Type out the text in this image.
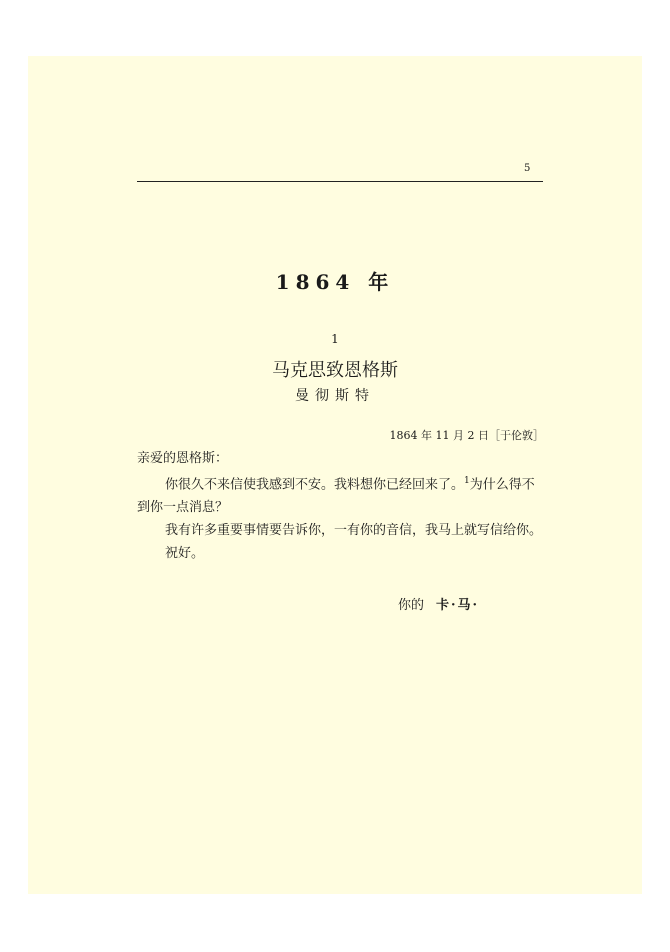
5
1864 年
1
马克思致恩格斯
曼彻斯特
1864 年 11 月 2 日［于伦敦］

亲爱的恩格斯：

你很久不来信使我感到不安。我料想你已经回来了。$^1$为什么得不到你一点消息？

我有许多重要事情要告诉你，一有你的音信，我马上就写信给你。

祝好。

你的 卡·马·
